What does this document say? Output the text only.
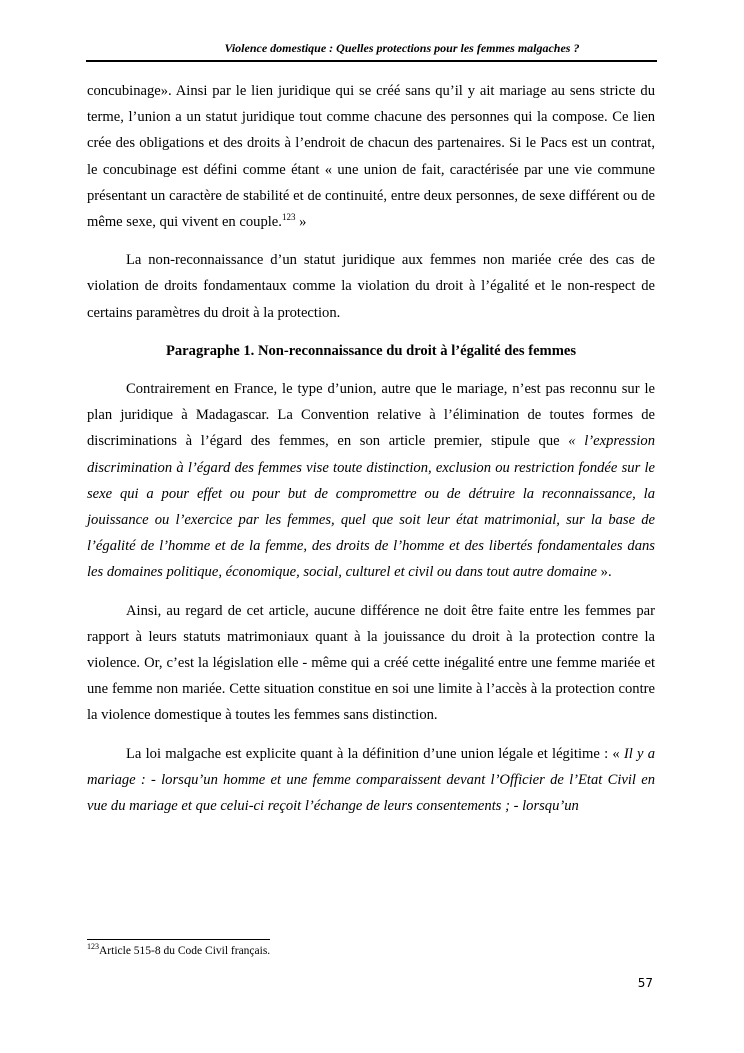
Violence domestique : Quelles protections pour les femmes malgaches ?

concubinage». Ainsi par le lien juridique qui se créé sans qu’il y ait mariage au sens stricte du terme, l’union a un statut juridique tout comme chacune des personnes qui la compose. Ce lien crée des obligations et des droits à l’endroit de chacun des partenaires. Si le Pacs est un contrat, le concubinage est défini comme étant « une union de fait, caractérisée par une vie commune présentant un caractère de stabilité et de continuité, entre deux personnes, de sexe différent ou de même sexe, qui vivent en couple.$^{123}$ »

La non-reconnaissance d’un statut juridique aux femmes non mariée crée des cas de violation de droits fondamentaux comme la violation du droit à l’égalité et le non-respect de certains paramètres du droit à la protection.

Paragraphe 1. Non-reconnaissance du droit à l’égalité des femmes

Contrairement en France, le type d’union, autre que le mariage, n’est pas reconnu sur le plan juridique à Madagascar. La Convention relative à l’élimination de toutes formes de discriminations à l’égard des femmes, en son article premier, stipule que « l’expression discrimination à l’égard des femmes vise toute distinction, exclusion ou restriction fondée sur le sexe qui a pour effet ou pour but de compromettre ou de détruire la reconnaissance, la jouissance ou l’exercice par les femmes, quel que soit leur état matrimonial, sur la base de l’égalité de l’homme et de la femme, des droits de l’homme et des libertés fondamentales dans les domaines politique, économique, social, culturel et civil ou dans tout autre domaine ».

Ainsi, au regard de cet article, aucune différence ne doit être faite entre les femmes par rapport à leurs statuts matrimoniaux quant à la jouissance du droit à la protection contre la violence. Or, c’est la législation elle - même qui a créé cette inégalité entre une femme mariée et une femme non mariée. Cette situation constitue en soi une limite à l’accès à la protection contre la violence domestique à toutes les femmes sans distinction.

La loi malgache est explicite quant à la définition d’une union légale et légitime : « Il y a mariage : - lorsqu’un homme et une femme comparaissent devant l’Officier de l’Etat Civil en vue du mariage et que celui-ci reçoit l’échange de leurs consentements ; - lorsqu’un

$^{123}$Article 515-8 du Code Civil français.
57
